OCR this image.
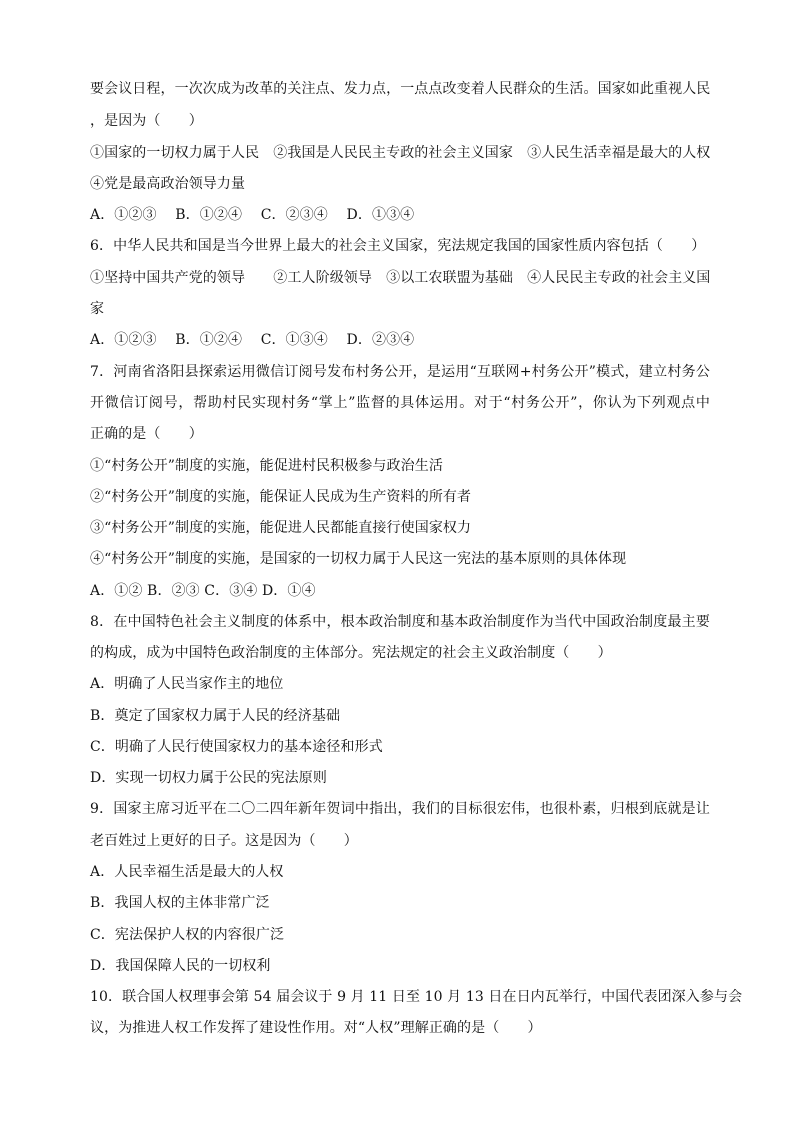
要会议日程，一次次成为改革的关注点、发力点，一点点改变着人民群众的生活。国家如此重视人民
，是因为（　　）
①国家的一切权力属于人民　②我国是人民民主专政的社会主义国家　③人民生活幸福是最大的人权
④党是最高政治领导力量
A．①②③　 B．①②④　 C．②③④　 D．①③④
6．中华人民共和国是当今世界上最大的社会主义国家，宪法规定我国的国家性质内容包括（　　）
①坚持中国共产党的领导　　②工人阶级领导　③以工农联盟为基础　④人民民主专政的社会主义国
家
A．①②③　 B．①②④　 C．①③④　 D．②③④
7．河南省洛阳县探索运用微信订阅号发布村务公开，是运用“互联网+村务公开”模式，建立村务公
开微信订阅号，帮助村民实现村务“掌上”监督的具体运用。对于“村务公开”，你认为下列观点中
正确的是（　　）
①“村务公开”制度的实施，能促进村民积极参与政治生活
②“村务公开”制度的实施，能保证人民成为生产资料的所有者
③“村务公开”制度的实施，能促进人民都能直接行使国家权力
④“村务公开”制度的实施，是国家的一切权力属于人民这一宪法的基本原则的具体体现
A．①② B．②③ C．③④ D．①④
8．在中国特色社会主义制度的体系中，根本政治制度和基本政治制度作为当代中国政治制度最主要
的构成，成为中国特色政治制度的主体部分。宪法规定的社会主义政治制度（　　）
A．明确了人民当家作主的地位
B．奠定了国家权力属于人民的经济基础
C．明确了人民行使国家权力的基本途径和形式
D．实现一切权力属于公民的宪法原则
9．国家主席习近平在二〇二四年新年贺词中指出，我们的目标很宏伟，也很朴素，归根到底就是让
老百姓过上更好的日子。这是因为（　　）
A．人民幸福生活是最大的人权
B．我国人权的主体非常广泛
C．宪法保护人权的内容很广泛
D．我国保障人民的一切权利
10．联合国人权理事会第 54 届会议于 9 月 11 日至 10 月 13 日在日内瓦举行，中国代表团深入参与会
议，为推进人权工作发挥了建设性作用。对“人权”理解正确的是（　　）
